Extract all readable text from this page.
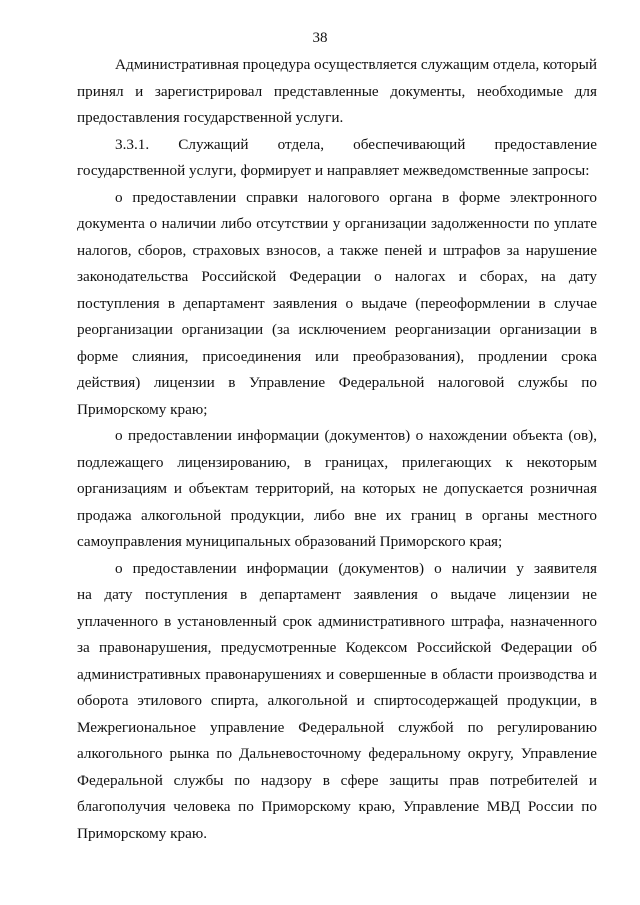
38

Административная процедура осуществляется служащим отдела, который
принял и зарегистрировал представленные документы, необходимые для
предоставления государственной услуги.

3.3.1. Служащий отдела, обеспечивающий предоставление
государственной услуги, формирует и направляет межведомственные запросы:

о предоставлении справки налогового органа в форме электронного
документа о наличии либо отсутствии у организации задолженности по уплате
налогов, сборов, страховых взносов, а также пеней и штрафов за нарушение
законодательства Российской Федерации о налогах и сборах, на дату
поступления в департамент заявления о выдаче (переоформлении в случае
реорганизации организации (за исключением реорганизации организации в
форме слияния, присоединения или преобразования), продлении срока
действия) лицензии в Управление Федеральной налоговой службы по
Приморскому краю;

о предоставлении информации (документов) о нахождении объекта (ов),
подлежащего лицензированию, в границах, прилегающих к некоторым
организациям и объектам территорий, на которых не допускается розничная
продажа алкогольной продукции, либо вне их границ в органы местного
самоуправления муниципальных образований Приморского края;

о предоставлении информации (документов) о наличии у заявителя
на дату поступления в департамент заявления о выдаче лицензии не
уплаченного в установленный срок административного штрафа, назначенного
за правонарушения, предусмотренные Кодексом Российской Федерации об
административных правонарушениях и совершенные в области производства и
оборота этилового спирта, алкогольной и спиртосодержащей продукции, в
Межрегиональное управление Федеральной службой по регулированию
алкогольного рынка по Дальневосточному федеральному округу, Управление
Федеральной службы по надзору в сфере защиты прав потребителей и
благополучия человека по Приморскому краю, Управление МВД России по
Приморскому краю.
